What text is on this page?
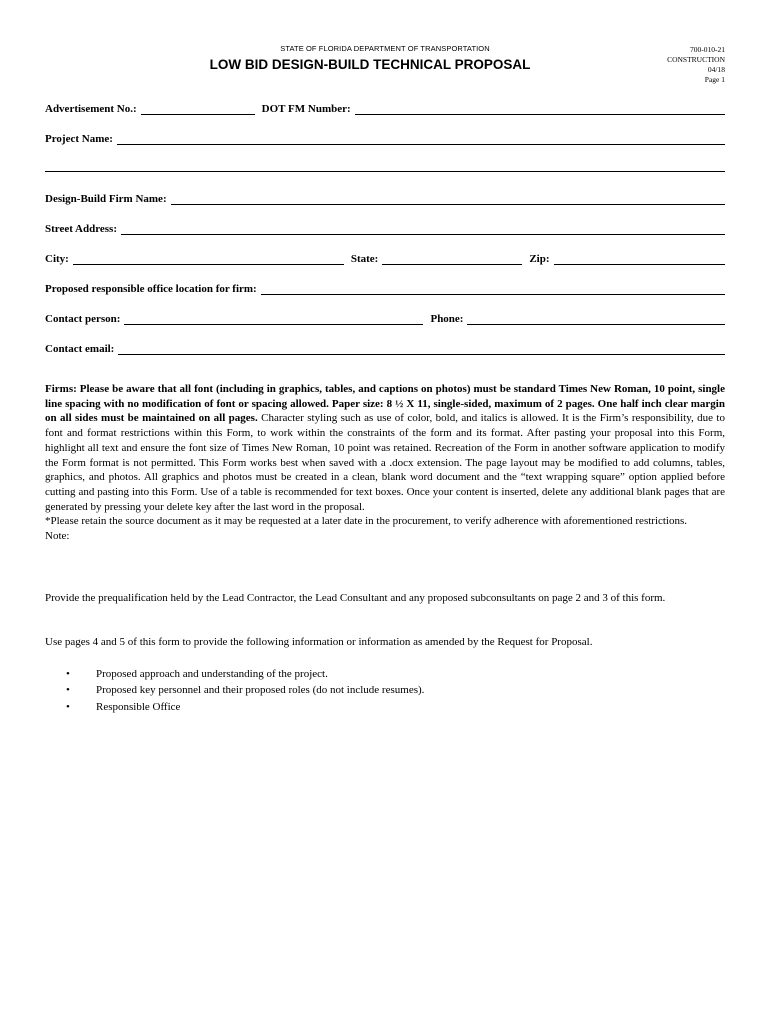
STATE OF FLORIDA DEPARTMENT OF TRANSPORTATION
LOW BID DESIGN-BUILD TECHNICAL PROPOSAL
700-010-21
CONSTRUCTION
04/18
Page 1
Advertisement No.:	DOT FM Number:
Project Name:
Design-Build Firm Name:
Street Address:
City:	State:	Zip:
Proposed responsible office location for firm:
Contact person:	Phone:
Contact email:

Firms: Please be aware that all font (including in graphics, tables, and captions on photos) must be standard Times New Roman, 10 point, single line spacing with no modification of font or spacing allowed. Paper size: 8 ½ X 11, single-sided, maximum of 2 pages. One half inch clear margin on all sides must be maintained on all pages. Character styling such as use of color, bold, and italics is allowed. It is the Firm’s responsibility, due to font and format restrictions within this Form, to work within the constraints of the form and its format. After pasting your proposal into this Form, highlight all text and ensure the font size of Times New Roman, 10 point was retained. Recreation of the Form in another software application to modify the Form format is not permitted. This Form works best when saved with a .docx extension. The page layout may be modified to add columns, tables, graphics, and photos. All graphics and photos must be created in a clean, blank word document and the “text wrapping square” option applied before cutting and pasting into this Form. Use of a table is recommended for text boxes. Once your content is inserted, delete any additional blank pages that are generated by pressing your delete key after the last word in the proposal.

*Please retain the source document as it may be requested at a later date in the procurement, to verify adherence with aforementioned restrictions.

Note:

Provide the prequalification held by the Lead Contractor, the Lead Consultant and any proposed subconsultants on page 2 and 3 of this form.

Use pages 4 and 5 of this form to provide the following information or information as amended by the Request for Proposal.

• Proposed approach and understanding of the project.
• Proposed key personnel and their proposed roles (do not include resumes).
• Responsible Office
